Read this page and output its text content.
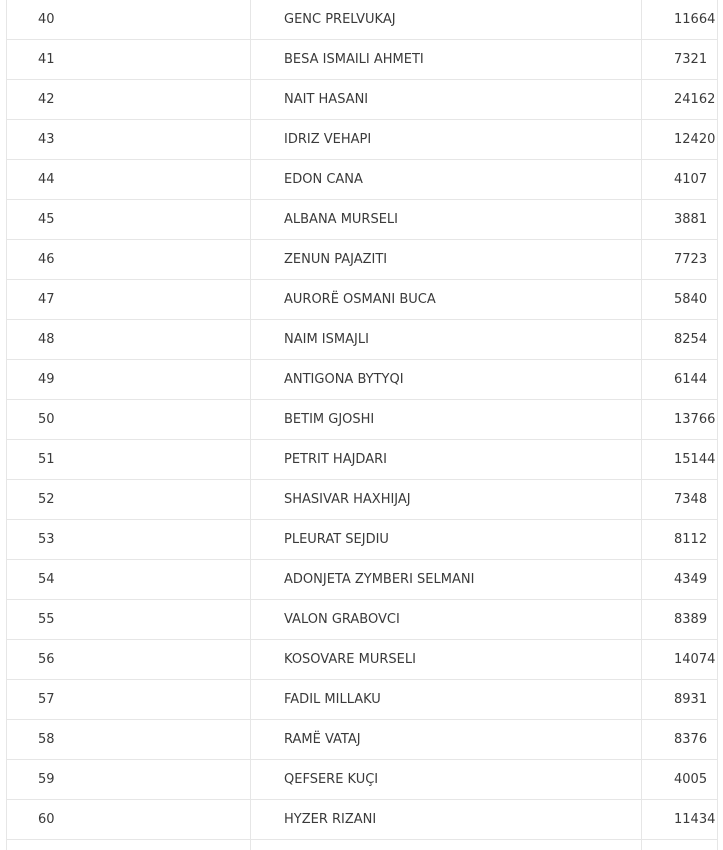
40	GENC PRELVUKAJ	11664
41	BESA ISMAILI AHMETI	7321
42	NAIT HASANI	24162
43	IDRIZ VEHAPI	12420
44	EDON CANA	4107
45	ALBANA MURSELI	3881
46	ZENUN PAJAZITI	7723
47	AURORË OSMANI BUCA	5840
48	NAIM ISMAJLI	8254
49	ANTIGONA BYTYQI	6144
50	BETIM GJOSHI	13766
51	PETRIT HAJDARI	15144
52	SHASIVAR HAXHIJAJ	7348
53	PLEURAT SEJDIU	8112
54	ADONJETA ZYMBERI SELMANI	4349
55	VALON GRABOVCI	8389
56	KOSOVARE MURSELI	14074
57	FADIL MILLAKU	8931
58	RAMË VATAJ	8376
59	QEFSERE KUÇI	4005
60	HYZER RIZANI	11434
